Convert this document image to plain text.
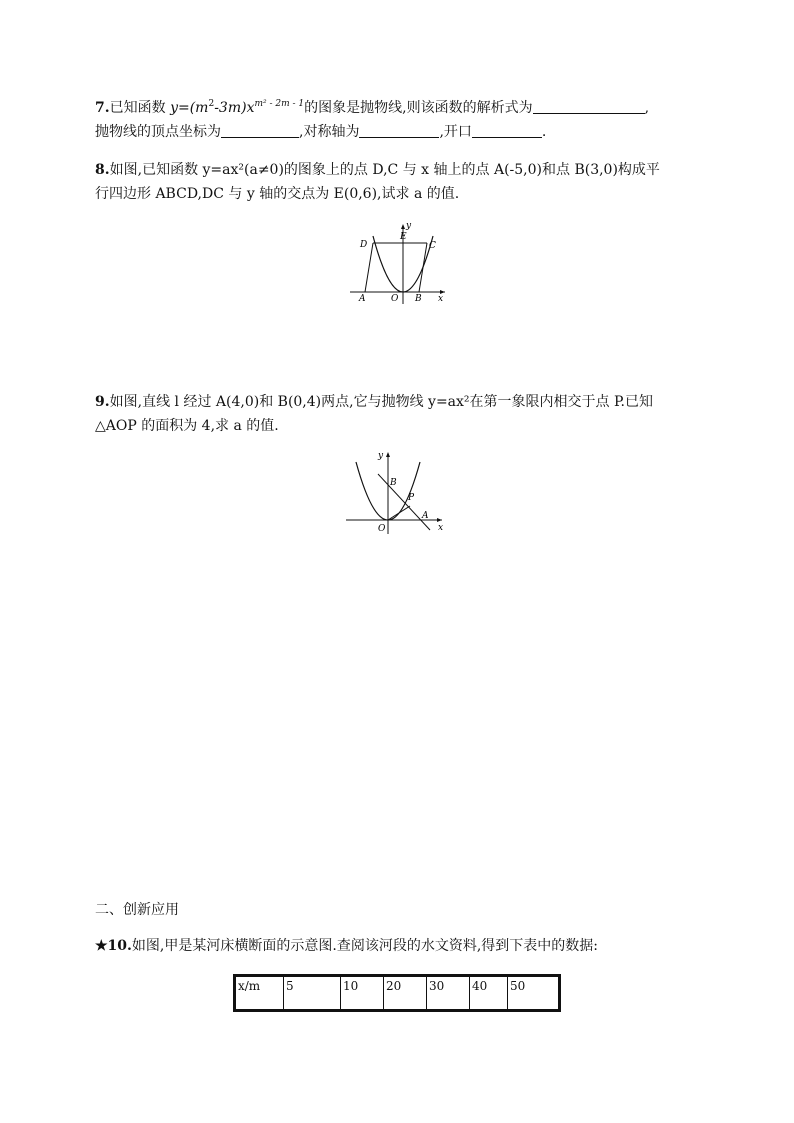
7.已知函数 $y=(m^2-3m)x^{m^2 - 2m - 1}$的图象是抛物线,则该函数的解析式为	,
抛物线的顶点坐标为	,对称轴为	,开口	.
8.如图,已知函数 y=ax²(a≠0)的图象上的点 D,C 与 x 轴上的点 A(-5,0)和点 B(3,0)构成平
行四边形 ABCD,DC 与 y 轴的交点为 E(0,6),试求 a 的值.
D
E
C
A	O B x
y
9.如图,直线 l 经过 A(4,0)和 B(0,4)两点,它与抛物线 y=ax²在第一象限内相交于点 P.已知
△AOP 的面积为 4,求 a 的值.
y
B
P
O
A
x
二、创新应用
★10.如图,甲是某河床横断面的示意图.查阅该河段的水文资料,得到下表中的数据:
x/m	5	10	20	30	40	50
